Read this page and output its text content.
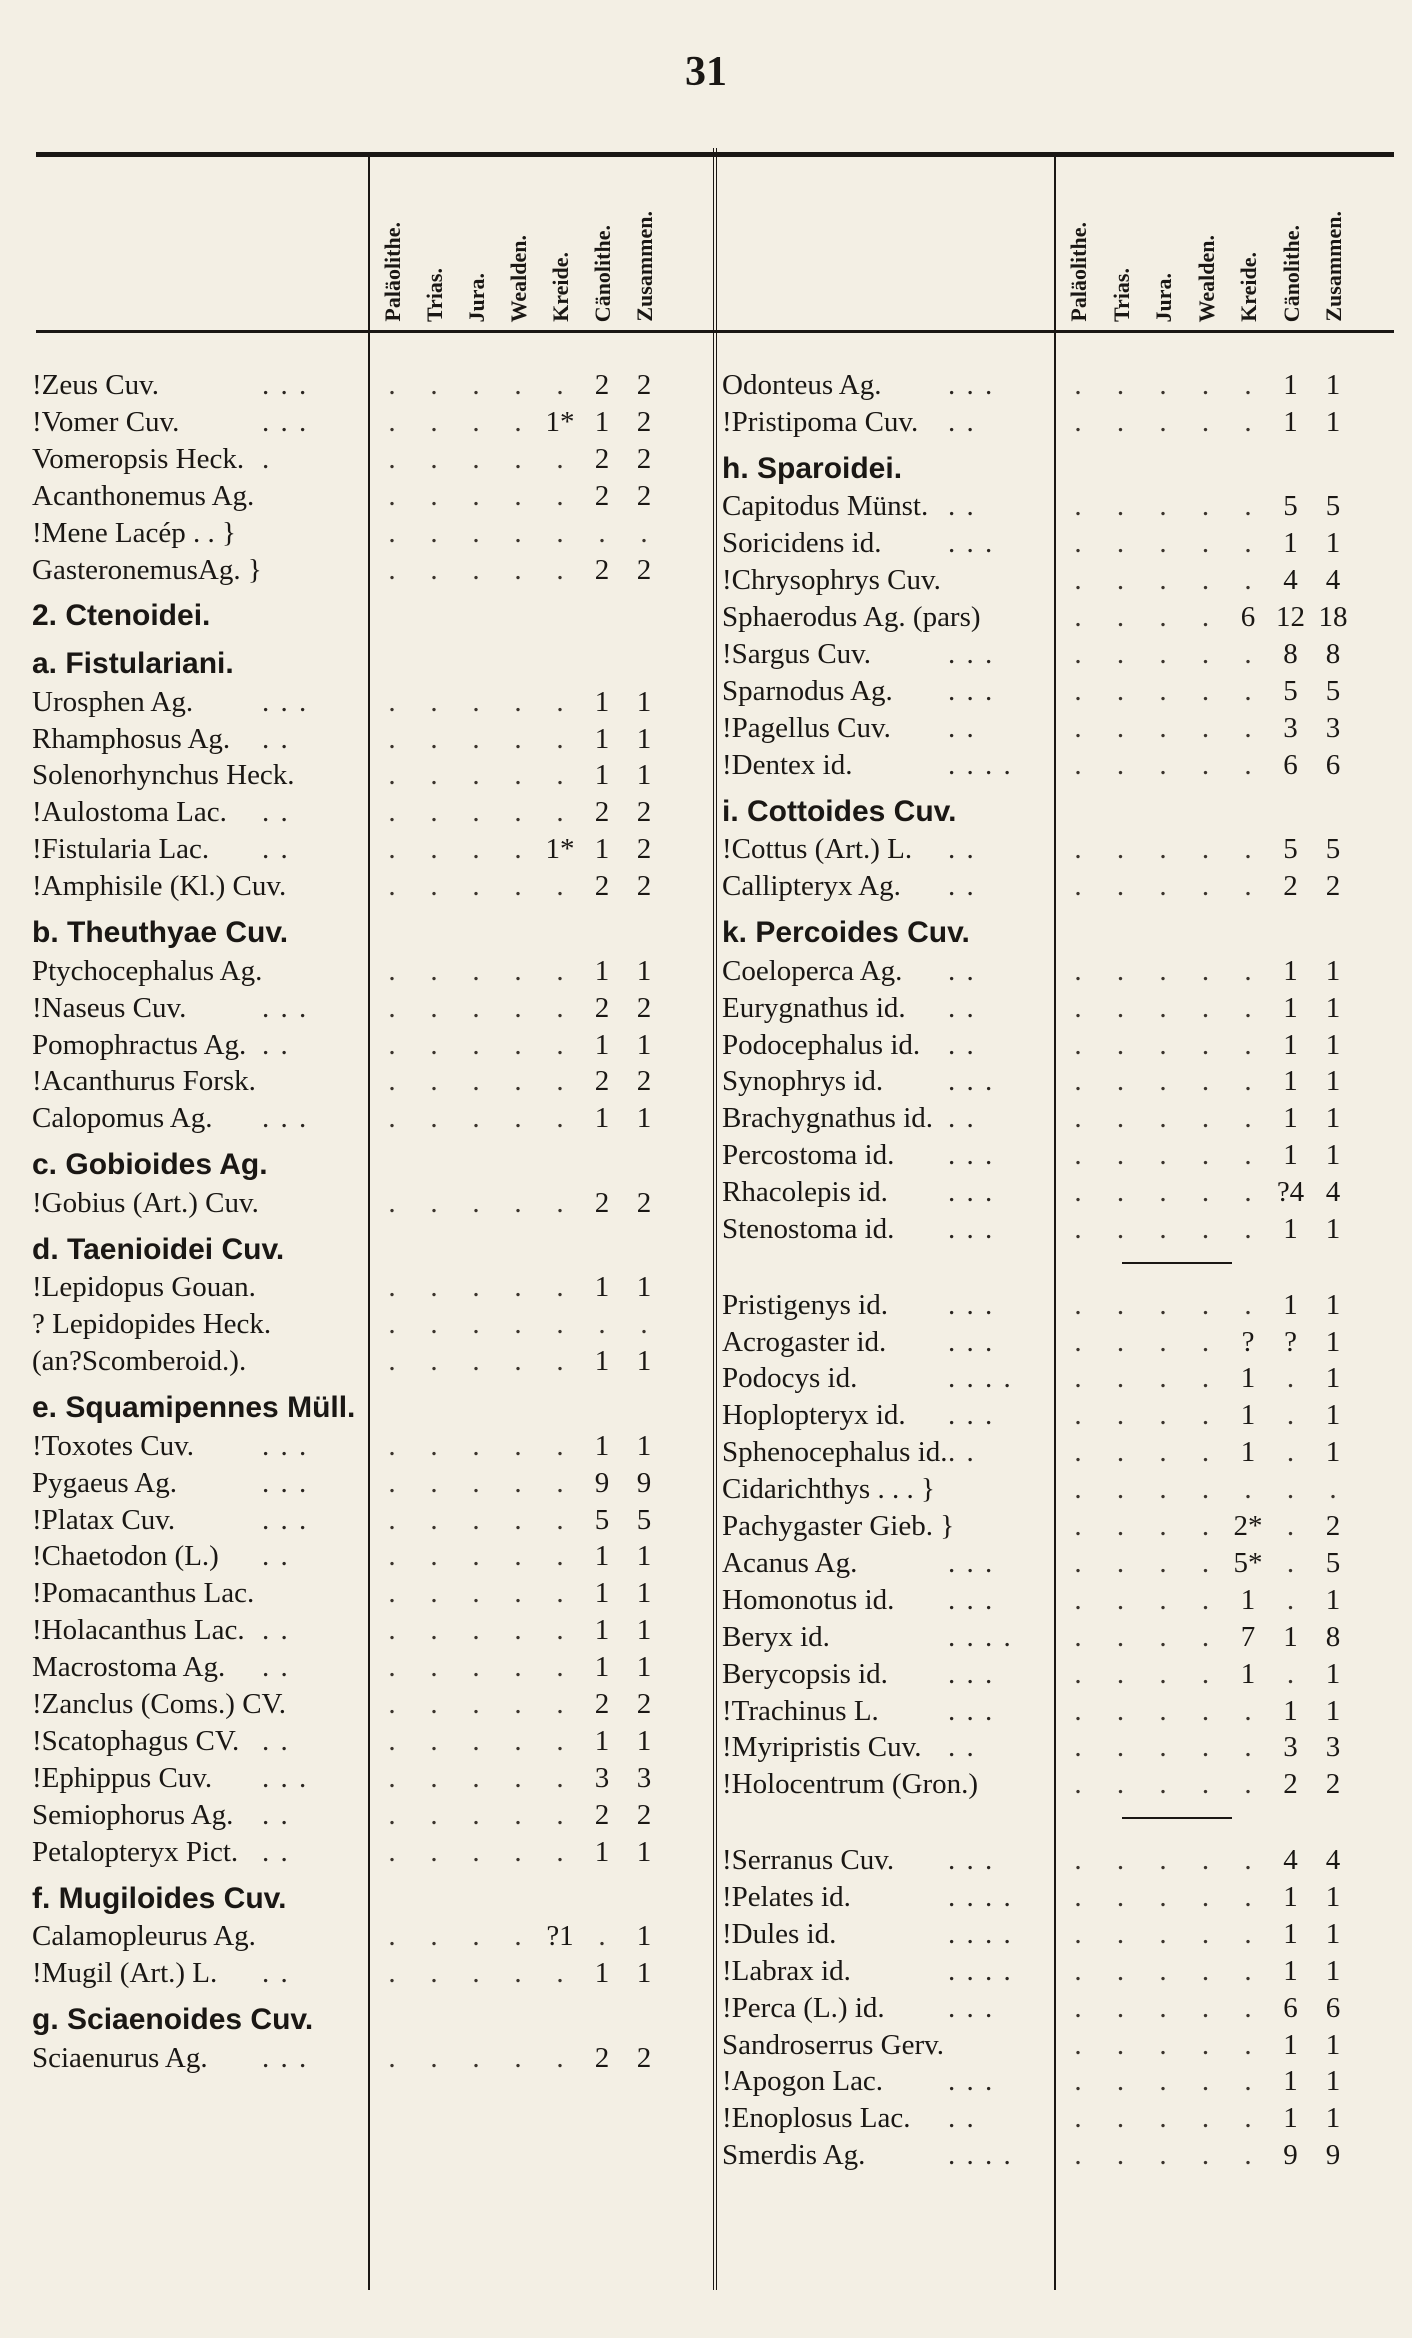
31
Paläolithe. Trias. Jura. Wealden. Kreide. Cänolithe. Zusammen.	Paläolithe. Trias. Jura. Wealden. Kreide. Cänolithe. Zusammen.
!Zeus Cuv.	. . .	.	.	.	.	.	2 2
!Vomer Cuv.	. . .	.	.	.	. 1* 1 2
Vomeropsis Heck. .	.	.	.	.	.	2 2
Acanthonemus Ag.	.	.	.	.	.	2 2
!Mene Lacép . . }	.	.	.	.	.	.	.
GasteronemusAg. }	.	.	.	.	.	2 2
2. Ctenoidei.
a. Fistulariani.
Urosphen Ag. . . .	.	.	.	.	.	1 1
Rhamphosus Ag. . .	.	.	.	.	.	1 1
Solenorhynchus Heck.	.	.	.	.	.	1 1
!Aulostoma Lac. . .	.	.	.	.	.	2 2
!Fistularia Lac. . .	.	.	.	. 1* 1 2
!Amphisile (Kl.) Cuv.	.	.	.	.	.	2 2
b. Theuthyae Cuv.
Ptychocephalus Ag.	.	.	.	.	.	1 1
!Naseus Cuv.	. . .	.	.	.	.	.	2 2
Pomophractus Ag. . .	.	.	.	.	.	1 1
!Acanthurus Forsk.	.	.	.	.	.	2 2
Calopomus Ag. . . .	.	.	.	.	.	1 1
c. Gobioides Ag.
!Gobius (Art.) Cuv.	.	.	.	.	.	2 2
d. Taenioidei Cuv.
!Lepidopus Gouan.	.	.	.	.	.	1 1
? Lepidopides Heck.	.	.	.	.	.	.	.
(an?Scomberoid.).	.	.	.	.	.	1 1
e. Squamipennes Müll.
!Toxotes Cuv. . . .	.	.	.	.	.	1 1
Pygaeus Ag.	. . .	.	.	.	.	.	9 9
!Platax Cuv.	. . .	.	.	.	.	.	5 5
!Chaetodon (L.) . .	.	.	.	.	.	1 1
!Pomacanthus Lac.	.	.	.	.	.	1 1
!Holacanthus Lac. . .	.	.	.	.	.	1 1
Macrostoma Ag. . .	.	.	.	.	.	1 1
!Zanclus (Coms.) CV.	.	.	.	.	.	2 2
!Scatophagus CV. . .	.	.	.	.	.	1 1
!Ephippus Cuv. . . .	.	.	.	.	.	3 3
Semiophorus Ag. . .	.	.	.	.	.	2 2
Petalopteryx Pict. . .	.	.	.	.	.	1 1
f. Mugiloides Cuv.
Calamopleurus Ag.	.	.	.	. ?1 .	1
!Mugil (Art.) L. . .	.	.	.	.	.	1 1
g. Sciaenoides Cuv.
Sciaenurus Ag. . . .	.	.	.	.	.	2 2
Odonteus Ag. . . .	.	.	.	.	.	1 1
!Pristipoma Cuv. . .	.	.	.	.	.	1 1
h. Sparoidei.
Capitodus Münst. . .	.	.	.	.	.	5 5
Soricidens id. . . .	.	.	.	.	.	1 1
!Chrysophrys Cuv.	.	.	.	.	.	4 4
Sphaerodus Ag. (pars)	.	.	.	.	6 12 18
!Sargus Cuv.	. . .	.	.	.	.	.	8 8
Sparnodus Ag. . . .	.	.	.	.	.	5 5
!Pagellus Cuv. . .	.	.	.	.	.	3 3
!Dentex id.	. . . .	.	.	.	.	.	6 6
i. Cottoides Cuv.
!Cottus (Art.) L. . .	.	.	.	.	.	5 5
Callipteryx Ag. . .	.	.	.	.	.	2 2
k. Percoides Cuv.
Coeloperca Ag. . .	.	.	.	.	.	1 1
Eurygnathus id. . .	.	.	.	.	.	1 1
Podocephalus id. . .	.	.	.	.	.	1 1
Synophrys id. . . .	.	.	.	.	.	1 1
Brachygnathus id. . .	.	.	.	.	.	1 1
Percostoma id. . . .	.	.	.	.	.	1 1
Rhacolepis id. . . .	.	.	.	.	. ?4 4
Stenostoma id. . . .	.	.	.	.	.	1 1
Pristigenys id. . . .	.	.	.	.	.	1 1
Acrogaster id. . . .	.	.	.	.	?	? 1
Podocys id.	. . . .	.	.	.	.	1	.	1
Hoplopteryx id. . . .	.	.	.	.	1	.	1
Sphenocephalus id. . .	.	.	.	.	1	.	1
Cidarichthys . . . }	.	.	.	.	.	.	.
Pachygaster Gieb. }	.	.	.	. 2* .	2
Acanus Ag.	. . .	.	.	.	. 5* .	5
Homonotus id. . . .	.	.	.	.	1	.	1
Beryx id.	. . . .	.	.	.	.	7 1 8
Berycopsis id. . . .	.	.	.	.	1	.	1
!Trachinus L. . . .	.	.	.	.	.	1 1
!Myripristis Cuv. . .	.	.	.	.	.	3 3
!Holocentrum (Gron.)	.	.	.	.	.	2 2
!Serranus Cuv. . . .	.	.	.	.	.	4 4
!Pelates id.	. . . .	.	.	.	.	.	1 1
!Dules id.	. . . .	.	.	.	.	.	1 1
!Labrax id.	. . . .	.	.	.	.	.	1 1
!Perca (L.) id. . . .	.	.	.	.	.	6 6
Sandroserrus Gerv.	.	.	.	.	.	1 1
!Apogon Lac. . . .	.	.	.	.	.	1 1
!Enoplosus Lac. . .	.	.	.	.	.	1 1
Smerdis Ag.	. . . .	.	.	.	.	.	9 9
